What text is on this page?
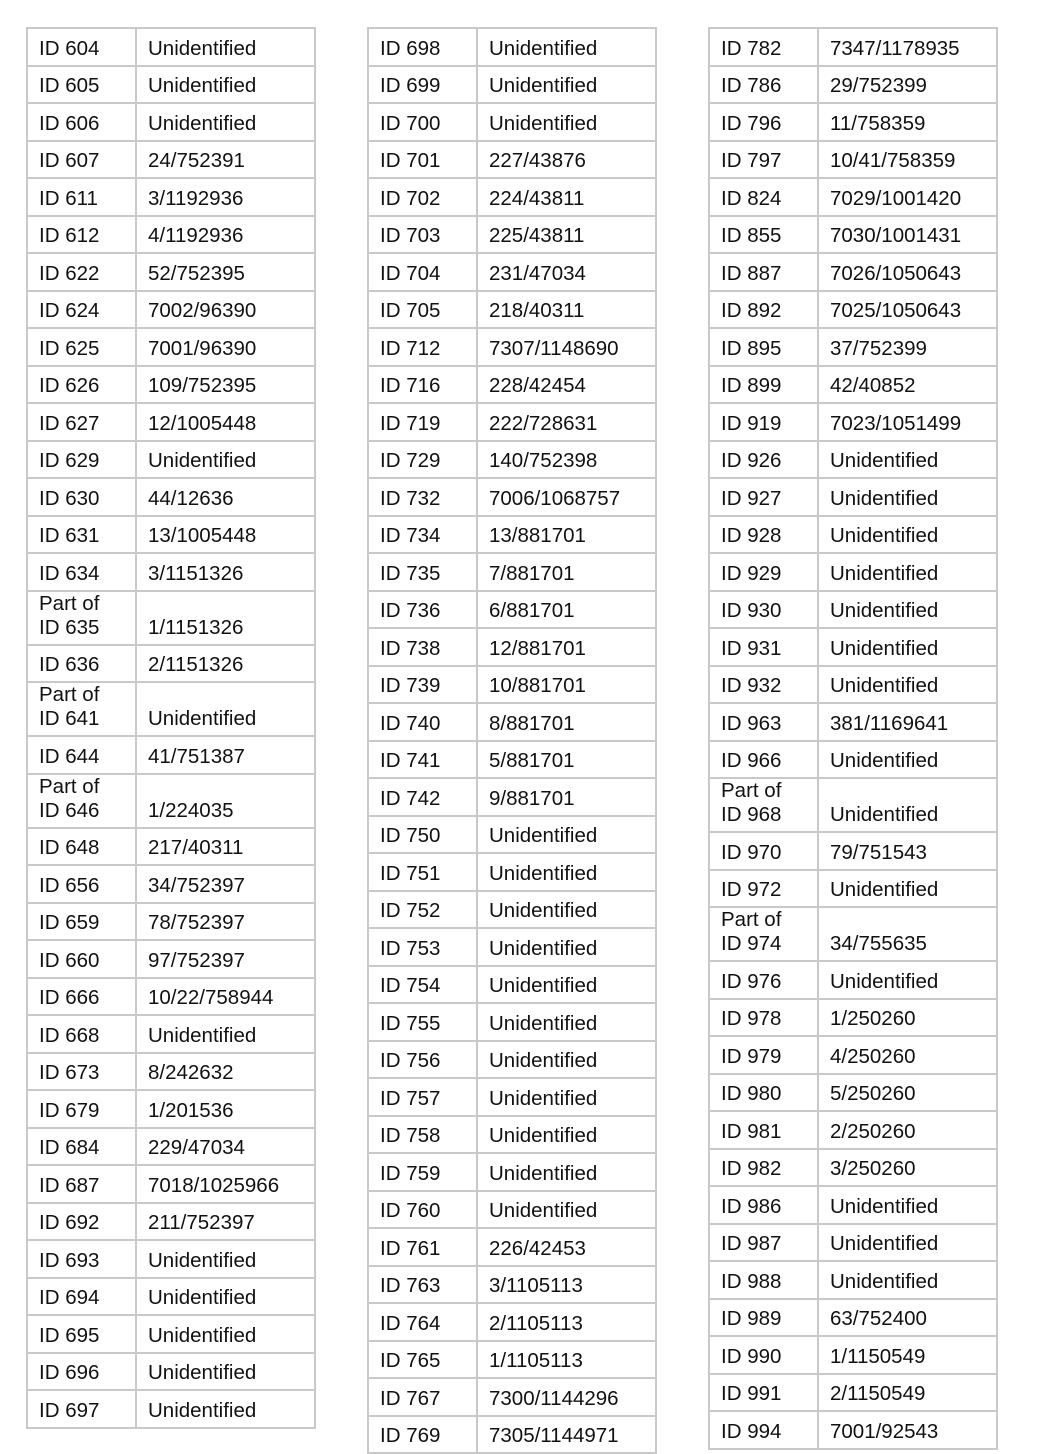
ID 604	Unidentified
ID 605	Unidentified
ID 606	Unidentified
ID 607	24/752391
ID 611	3/1192936
ID 612	4/1192936
ID 622	52/752395
ID 624	7002/96390
ID 625	7001/96390
ID 626	109/752395
ID 627	12/1005448
ID 629	Unidentified
ID 630	44/12636
ID 631	13/1005448
ID 634	3/1151326
Part of
ID 635	1/1151326
ID 636	2/1151326
Part of
ID 641	Unidentified
ID 644	41/751387
Part of
ID 646	1/224035
ID 648	217/40311
ID 656	34/752397
ID 659	78/752397
ID 660	97/752397
ID 666	10/22/758944
ID 668	Unidentified
ID 673	8/242632
ID 679	1/201536
ID 684	229/47034
ID 687	7018/1025966
ID 692	211/752397
ID 693	Unidentified
ID 694	Unidentified
ID 695	Unidentified
ID 696	Unidentified
ID 697	Unidentified
ID 698	Unidentified
ID 699	Unidentified
ID 700	Unidentified
ID 701	227/43876
ID 702	224/43811
ID 703	225/43811
ID 704	231/47034
ID 705	218/40311
ID 712	7307/1148690
ID 716	228/42454
ID 719	222/728631
ID 729	140/752398
ID 732	7006/1068757
ID 734	13/881701
ID 735	7/881701
ID 736	6/881701
ID 738	12/881701
ID 739	10/881701
ID 740	8/881701
ID 741	5/881701
ID 742	9/881701
ID 750	Unidentified
ID 751	Unidentified
ID 752	Unidentified
ID 753	Unidentified
ID 754	Unidentified
ID 755	Unidentified
ID 756	Unidentified
ID 757	Unidentified
ID 758	Unidentified
ID 759	Unidentified
ID 760	Unidentified
ID 761	226/42453
ID 763	3/1105113
ID 764	2/1105113
ID 765	1/1105113
ID 767	7300/1144296
ID 769	7305/1144971
ID 782	7347/1178935
ID 786	29/752399
ID 796	11/758359
ID 797	10/41/758359
ID 824	7029/1001420
ID 855	7030/1001431
ID 887	7026/1050643
ID 892	7025/1050643
ID 895	37/752399
ID 899	42/40852
ID 919	7023/1051499
ID 926	Unidentified
ID 927	Unidentified
ID 928	Unidentified
ID 929	Unidentified
ID 930	Unidentified
ID 931	Unidentified
ID 932	Unidentified
ID 963	381/1169641
ID 966	Unidentified
Part of
ID 968	Unidentified
ID 970	79/751543
ID 972	Unidentified
Part of
ID 974	34/755635
ID 976	Unidentified
ID 978	1/250260
ID 979	4/250260
ID 980	5/250260
ID 981	2/250260
ID 982	3/250260
ID 986	Unidentified
ID 987	Unidentified
ID 988	Unidentified
ID 989	63/752400
ID 990	1/1150549
ID 991	2/1150549
ID 994	7001/92543
